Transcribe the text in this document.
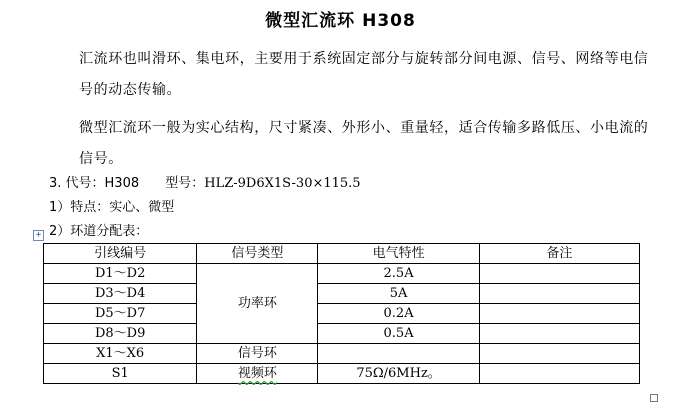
微型汇流环 H308
汇流环也叫滑环、集电环，主要用于系统固定部分与旋转部分间电源、信号、网络等电信号的动态传输。
微型汇流环一般为实心结构，尺寸紧凑、外形小、重量轻，适合传输多路低压、小电流的信号。
3. 代号：H308 型号：HLZ-9D6X1S-30×115.5
1）特点：实心、微型
2）环道分配表：
+
引线编号	信号类型	电气特性	备注
D1～D2	功率环	2.5A	
D3～D4		5A	
D5～D7		0.2A	
D8～D9		0.5A	
X1～X6	信号环		
S1	视频环	75Ω/6MHz。	
